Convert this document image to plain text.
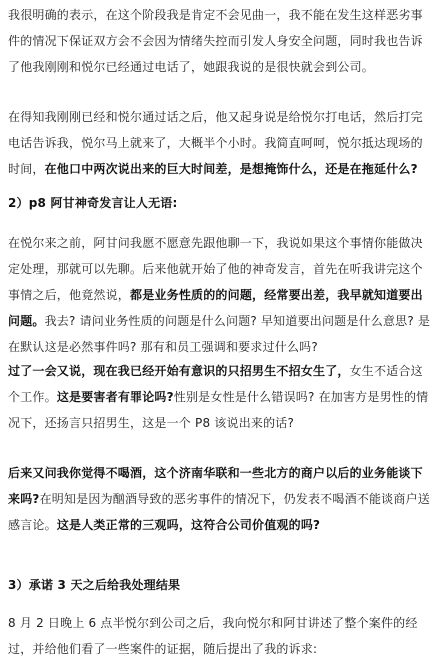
我很明确的表示，在这个阶段我是肯定不会见曲一，我不能在发生这样恶劣事件的情况下保证双方会不会因为情绪失控而引发人身安全问题，同时我也告诉了他我刚刚和悦尔已经通过电话了，她跟我说的是很快就会到公司。
在得知我刚刚已经和悦尔通过话之后，他又起身说是给悦尔打电话，然后打完电话告诉我，悦尔马上就来了，大概半个小时。我简直呵呵，悦尔抵达现场的时间，在他口中两次说出来的巨大时间差，是想掩饰什么，还是在拖延什么?
2）p8 阿甘神奇发言让人无语:
在悦尔来之前，阿甘问我愿不愿意先跟他聊一下，我说如果这个事情你能做决定处理，那就可以先聊。后来他就开始了他的神奇发言，首先在听我讲完这个事情之后，他竟然说，都是业务性质的的问题，经常要出差，我早就知道要出问题。我去? 请问业务性质的问题是什么问题? 早知道要出问题是什么意思? 是在默认这是必然事件吗? 那有和员工强调和要求过什么吗?
过了一会又说，现在我已经开始有意识的只招男生不招女生了，女生不适合这个工作。这是要害者有罪论吗?性别是女性是什么错误吗? 在加害方是男性的情况下，还扬言只招男生，这是一个 P8 该说出来的话?
后来又问我你觉得不喝酒，这个济南华联和一些北方的商户以后的业务能谈下来吗?在明知是因为酗酒导致的恶劣事件的情况下，仍发表不喝酒不能谈商户送感言论。这是人类正常的三观吗，这符合公司价值观的吗?
3）承诺 3 天之后给我处理结果
8 月 2 日晚上 6 点半悦尔到公司之后，我向悦尔和阿甘讲述了整个案件的经过，并给他们看了一些案件的证据，随后提出了我的诉求:
